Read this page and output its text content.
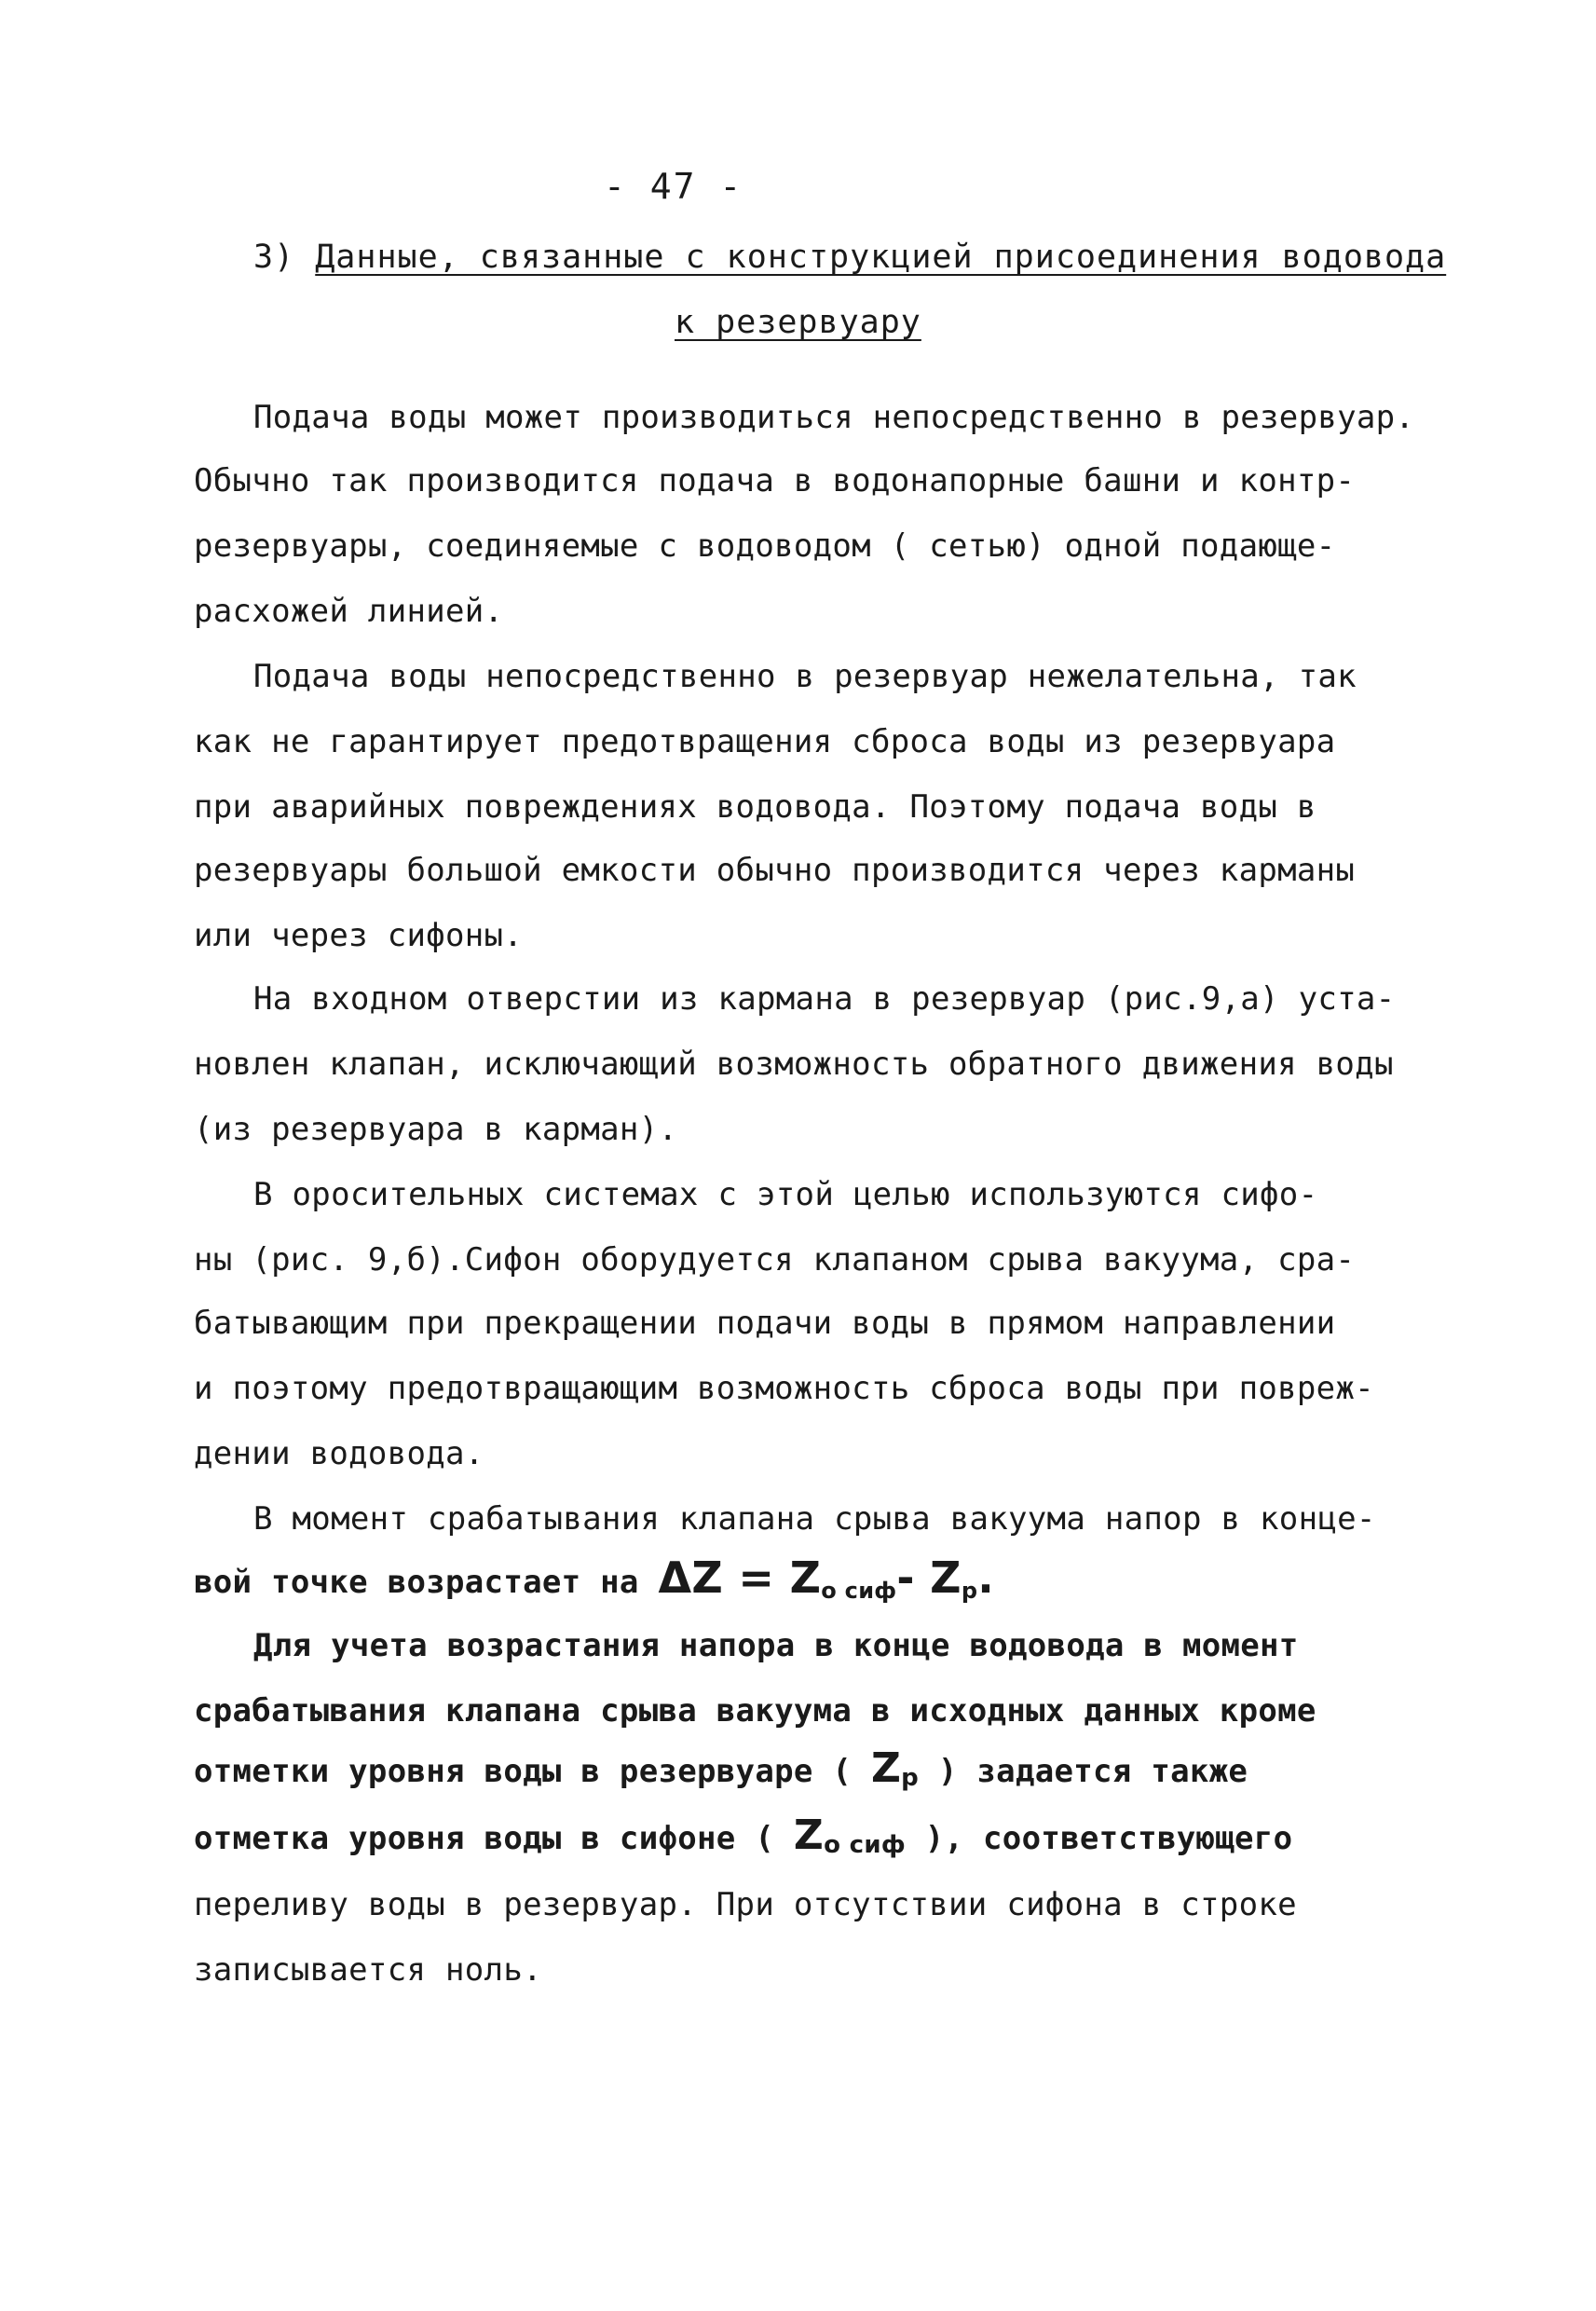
- 47 -
3) Данные, связанные с конструкцией присоединения водовода
к резервуару
Подача воды может производиться непосредственно в резервуар.
Обычно так производится подача в водонапорные башни и контр-
резервуары, соединяемые с водоводом ( сетью) одной подающе-
расхожей линией.
Подача воды непосредственно в резервуар нежелательна, так
как не гарантирует предотвращения сброса воды из резервуара
при аварийных повреждениях водовода. Поэтому подача воды в
резервуары большой емкости обычно производится через карманы
или через сифоны.
На входном отверстии из кармана в резервуар (рис.9,а) уста-
новлен клапан, исключающий возможность обратного движения воды
(из резервуара в карман).
В оросительных системах с этой целью используются сифо-
ны (рис. 9,б).Сифон оборудуется клапаном срыва вакуума, сра-
батывающим при прекращении подачи воды в прямом направлении
и поэтому предотвращающим возможность сброса воды при повреж-
дении водовода.
В момент срабатывания клапана срыва вакуума напор в конце-
вой точке возрастает на $\Delta Z = Z_{o сиф}-$ $Z_p$.
Для учета возрастания напора в конце водовода в момент
срабатывания клапана срыва вакуума в исходных данных кроме
отметки уровня воды в резервуаре ( $Z_p$ ) задается также
отметка уровня воды в сифоне ( $Z_{o сиф}$ ), соответствующего
переливу воды в резервуар. При отсутствии сифона в строке
записывается ноль.
